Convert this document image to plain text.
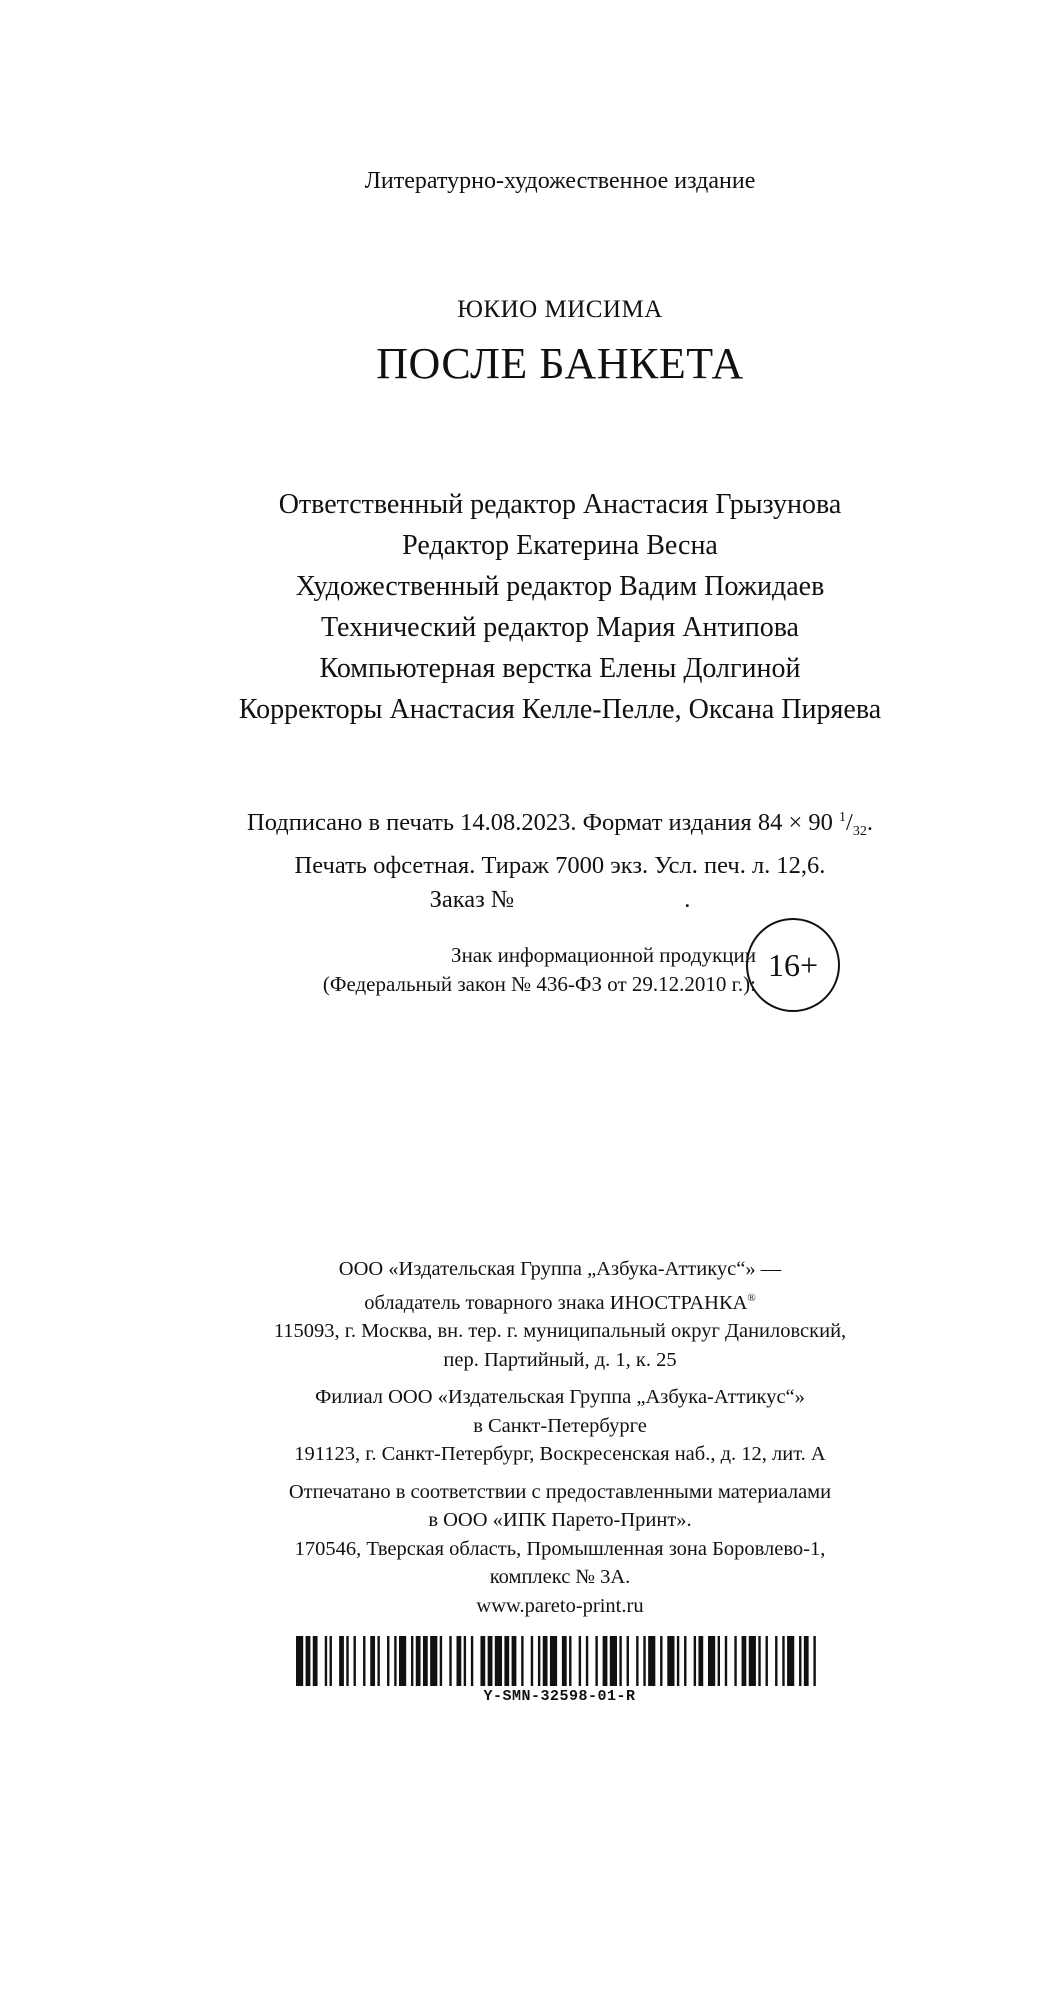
Литературно-художественное издание
ЮКИО МИСИМА
ПОСЛЕ БАНКЕТА
Ответственный редактор Анастасия Грызунова
Редактор Екатерина Весна
Художественный редактор Вадим Пожидаев
Технический редактор Мария Антипова
Компьютерная верстка Елены Долгиной
Корректоры Анастасия Келле-Пелле, Оксана Пиряева
Подписано в печать 14.08.2023. Формат издания 84 × 90 $^1/_{32}$.
Печать офсетная. Тираж 7000 экз. Усл. печ. л. 12,6.
Заказ №	.
Знак информационной продукции
(Федеральный закон № 436-ФЗ от 29.12.2010 г.):
16+
ООО «Издательская Группа „Азбука-Аттикус“» —
обладатель товарного знака ИНОСТРАНКА®
115093, г. Москва, вн. тер. г. муниципальный округ Даниловский,
пер. Партийный, д. 1, к. 25
Филиал ООО «Издательская Группа „Азбука-Аттикус“»
в Санкт-Петербурге
191123, г. Санкт-Петербург, Воскресенская наб., д. 12, лит. А
Отпечатано в соответствии с предоставленными материалами
в ООО «ИПК Парето-Принт».
170546, Тверская область, Промышленная зона Боровлево-1,
комплекс № 3А.
www.pareto-print.ru
Y-SMN-32598-01-R
